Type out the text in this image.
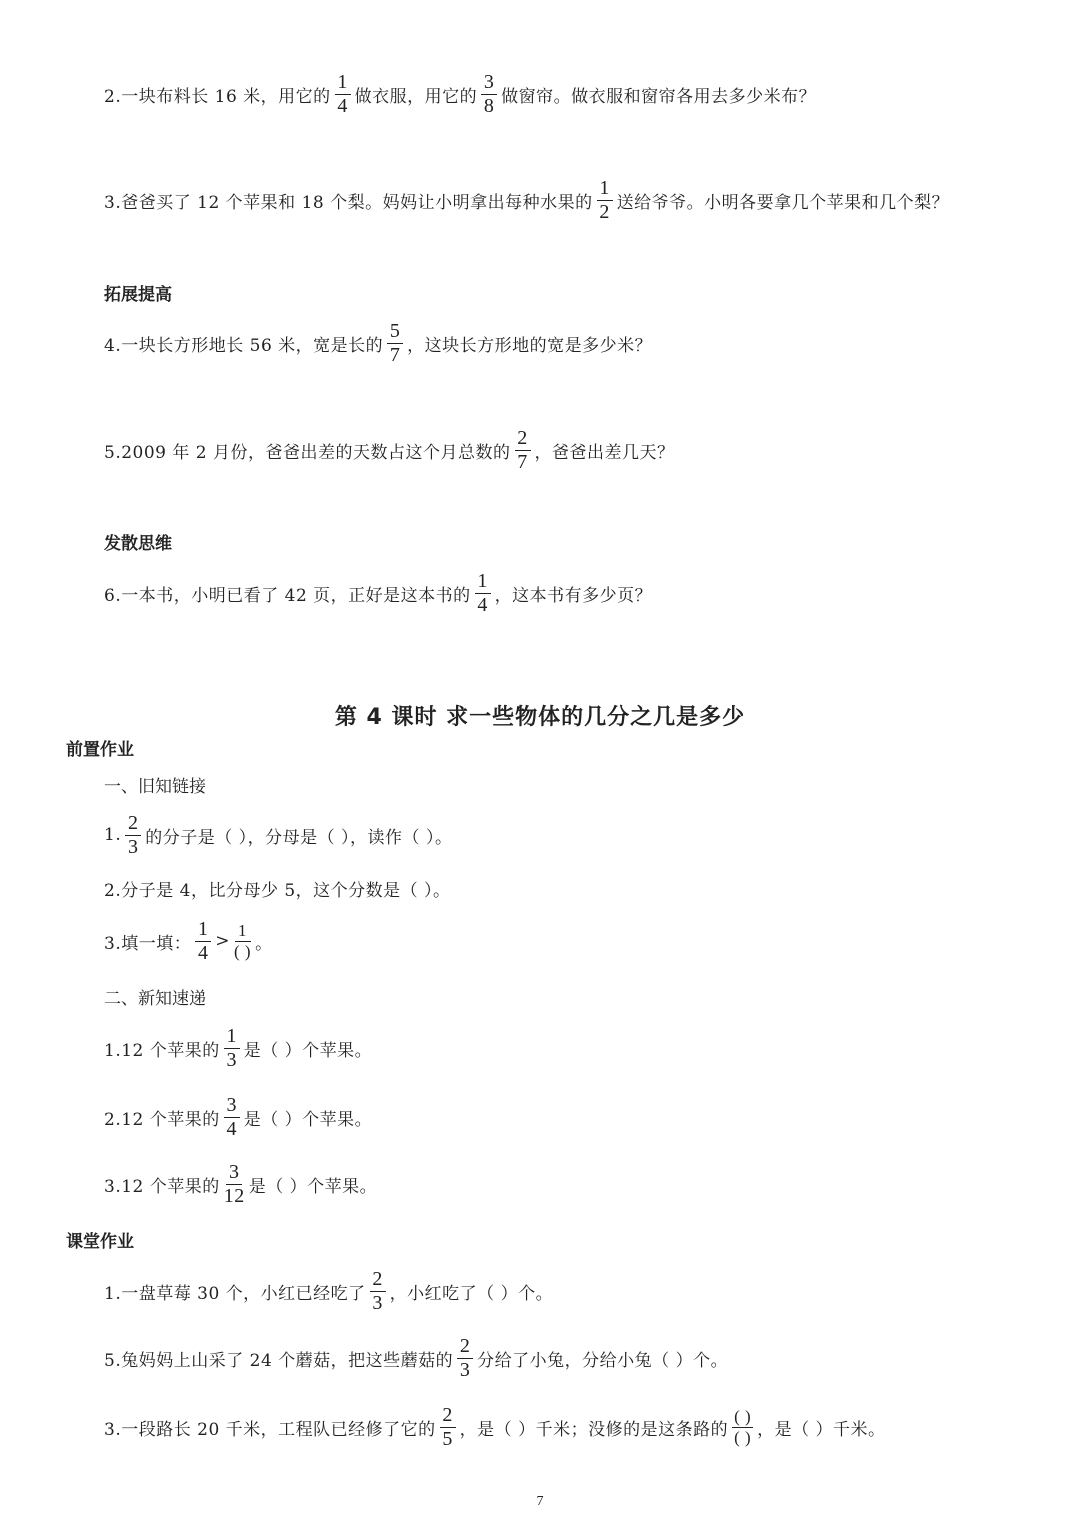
2.一块布料长 16 米，用它的 $\frac{1}{4}$ 做衣服，用它的 $\frac{3}{8}$ 做窗帘。做衣服和窗帘各用去多少米布？
3.爸爸买了 12 个苹果和 18 个梨。妈妈让小明拿出每种水果的 $\frac{1}{2}$ 送给爷爷。小明各要拿几个苹果和几个梨？
拓展提高
4.一块长方形地长 56 米，宽是长的 $\frac{5}{7}$ ，这块长方形地的宽是多少米？
5.2009 年 2 月份，爸爸出差的天数占这个月总数的 $\frac{2}{7}$ ，爸爸出差几天？
发散思维
6.一本书，小明已看了 42 页，正好是这本书的 $\frac{1}{4}$ ，这本书有多少页？
第 4 课时 求一些物体的几分之几是多少
前置作业
一、旧知链接
1. $\frac{2}{3}$ 的分子是（ ），分母是（ ），读作（ ）。
2.分子是 4，比分母少 5，这个分数是（ ）。
3.填一填： $\frac{1}{4} > \frac{1}{( )}$ 。
二、新知速递
1.12 个苹果的 $\frac{1}{3}$ 是（ ）个苹果。
2.12 个苹果的 $\frac{3}{4}$ 是（ ）个苹果。
3.12 个苹果的 $\frac{3}{12}$ 是（ ）个苹果。
课堂作业
1.一盘草莓 30 个，小红已经吃了 $\frac{2}{3}$ ，小红吃了（ ）个。
5.兔妈妈上山采了 24 个蘑菇，把这些蘑菇的 $\frac{2}{3}$ 分给了小兔，分给小兔（ ）个。
3.一段路长 20 千米，工程队已经修了它的 $\frac{2}{5}$ ，是（ ）千米；没修的是这条路的 $\frac{( )}{( )}$ ，是（ ）千米。
7
